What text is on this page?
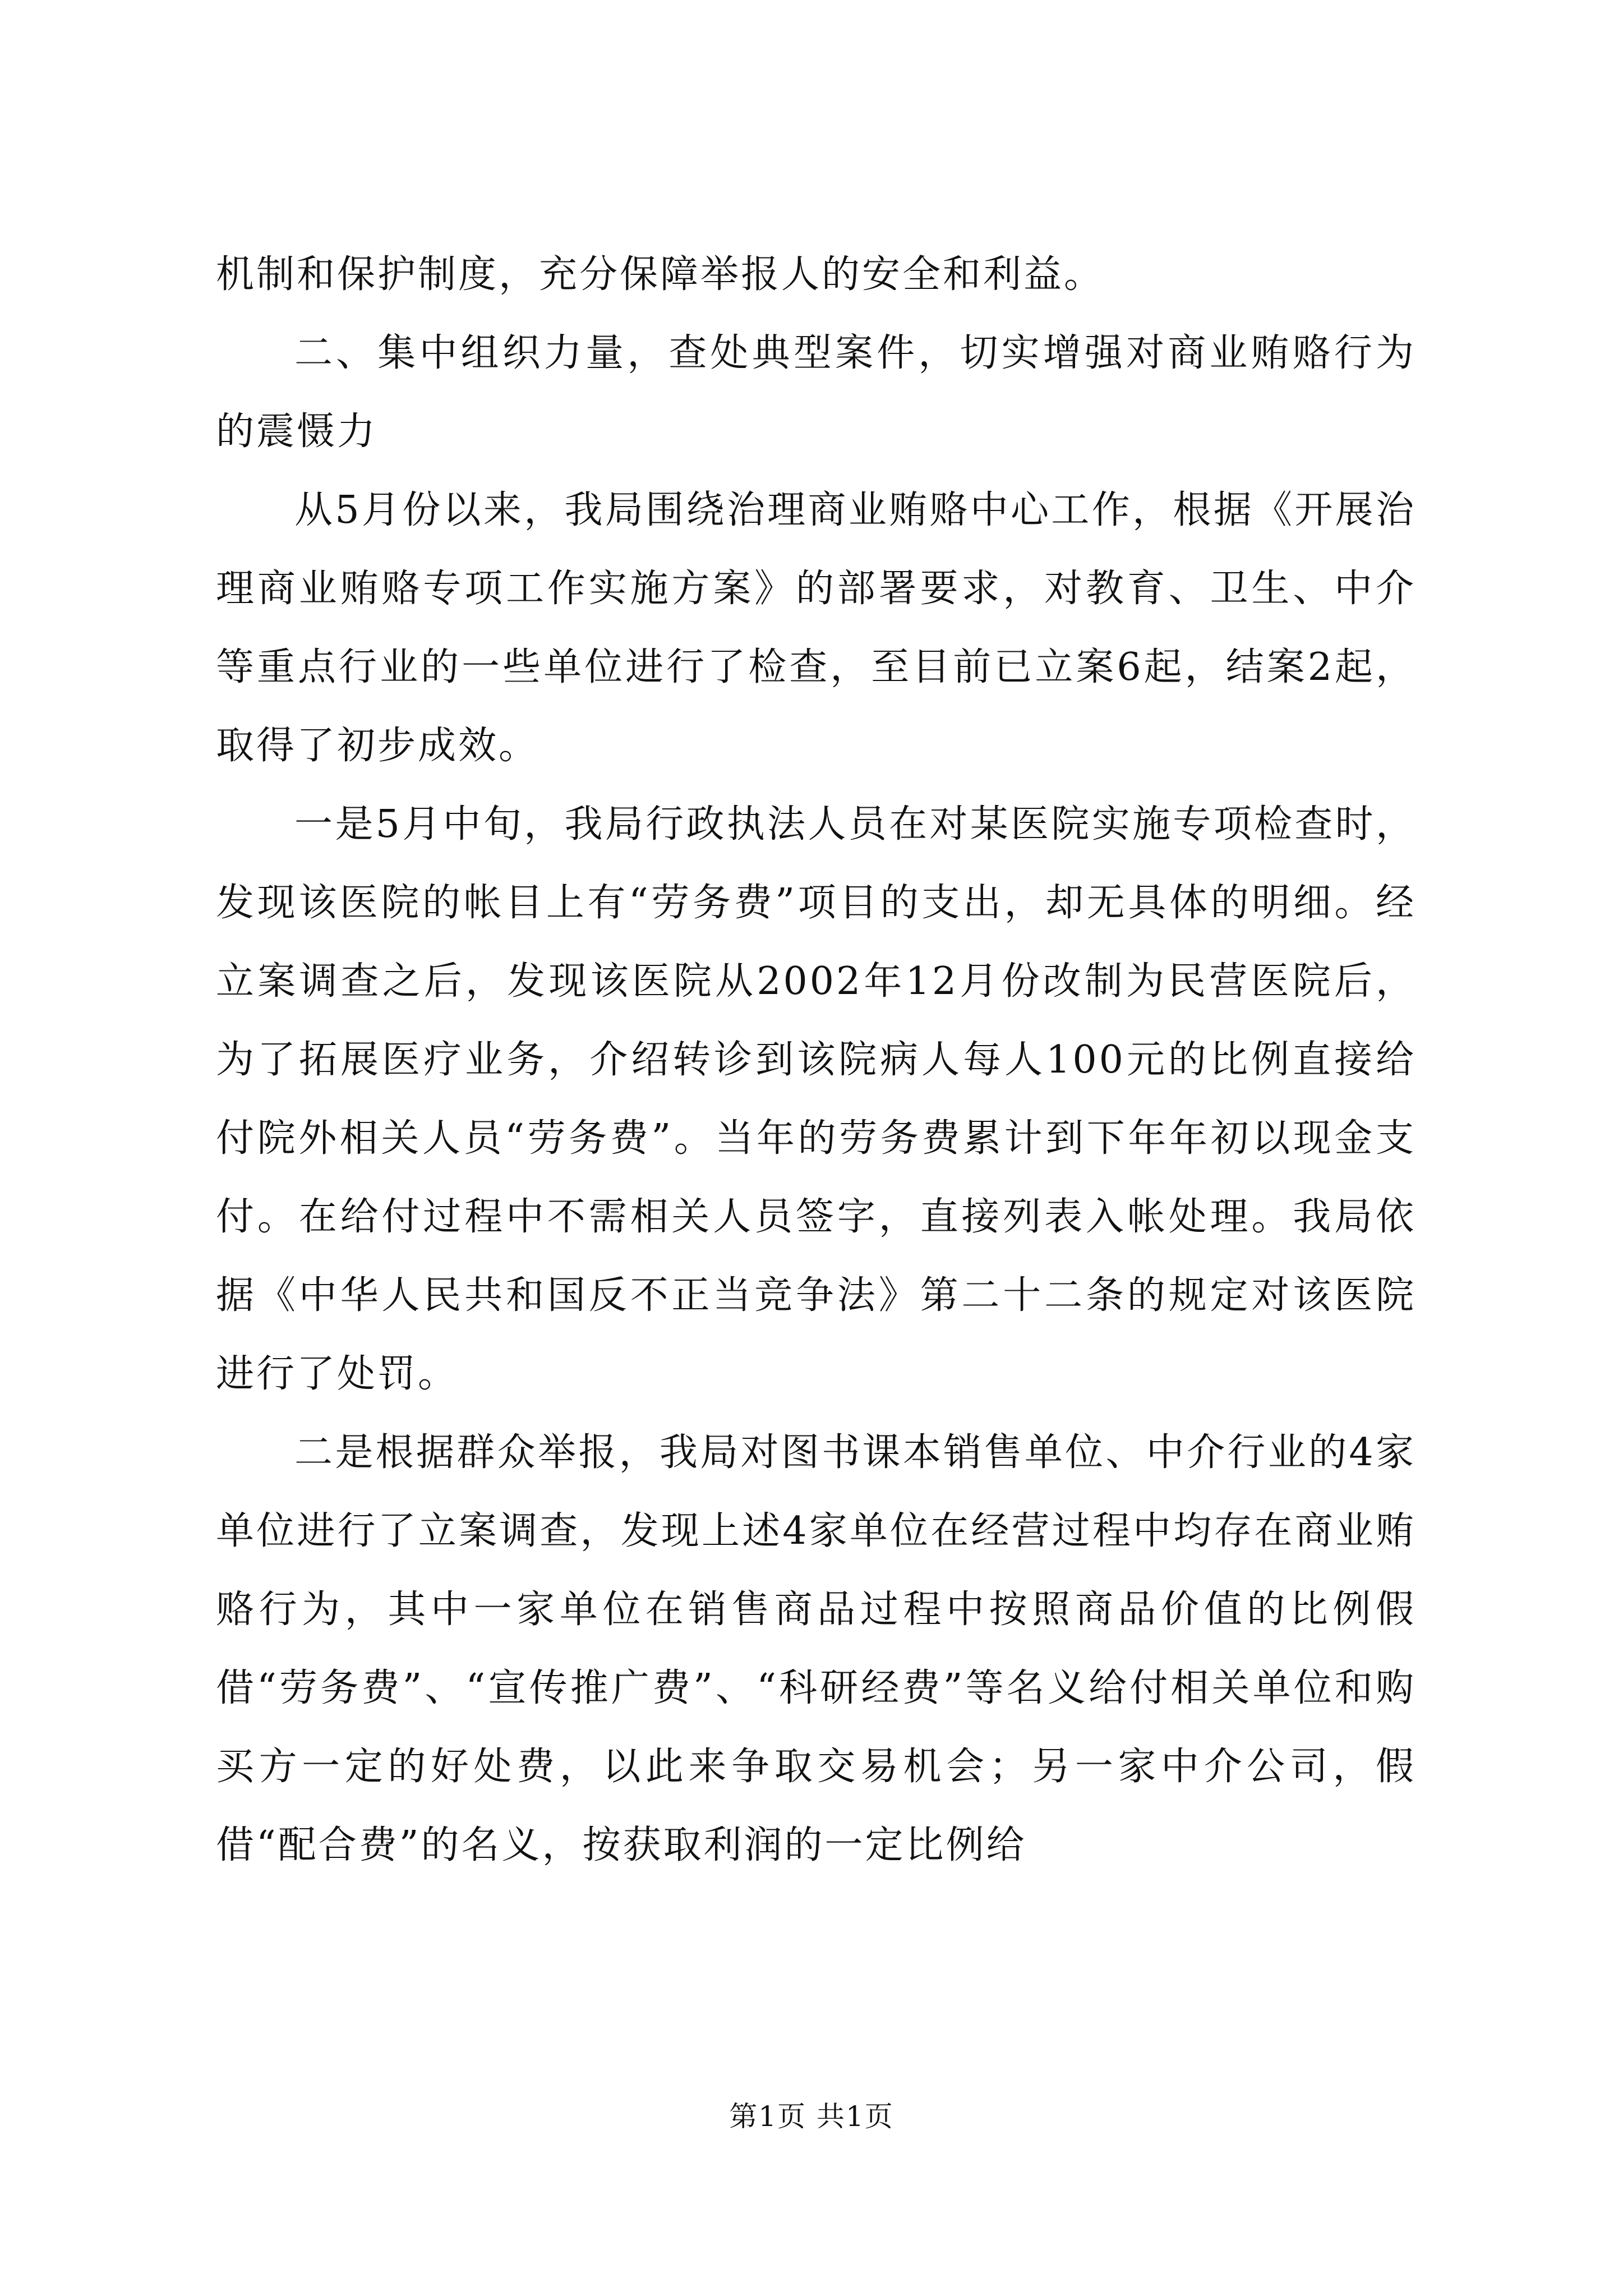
机制和保护制度，充分保障举报人的安全和利益。

二、集中组织力量，查处典型案件，切实增强对商业贿赂行为的震慑力

从5月份以来，我局围绕治理商业贿赂中心工作，根据《开展治理商业贿赂专项工作实施方案》的部署要求，对教育、卫生、中介等重点行业的一些单位进行了检查，至目前已立案6起，结案2起，取得了初步成效。

一是5月中旬，我局行政执法人员在对某医院实施专项检查时，发现该医院的帐目上有“劳务费”项目的支出，却无具体的明细。经立案调查之后，发现该医院从2002年12月份改制为民营医院后，为了拓展医疗业务，介绍转诊到该院病人每人100元的比例直接给付院外相关人员“劳务费”。当年的劳务费累计到下年年初以现金支付。在给付过程中不需相关人员签字，直接列表入帐处理。我局依据《中华人民共和国反不正当竞争法》第二十二条的规定对该医院进行了处罚。

二是根据群众举报，我局对图书课本销售单位、中介行业的4家单位进行了立案调查，发现上述4家单位在经营过程中均存在商业贿赂行为，其中一家单位在销售商品过程中按照商品价值的比例假借“劳务费”、“宣传推广费”、“科研经费”等名义给付相关单位和购买方一定的好处费，以此来争取交易机会；另一家中介公司，假借“配合费”的名义，按获取利润的一定比例给

第1页 共1页
